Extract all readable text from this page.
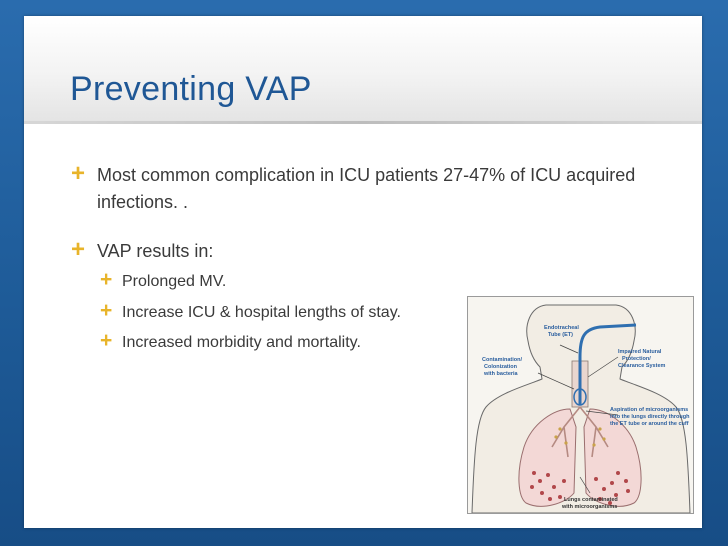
Preventing VAP
+ Most common complication in ICU patients 27-47% of ICU acquired infections. .
+ VAP results in:
+ Prolonged MV.
+ Increase ICU & hospital lengths of stay.
+ Increased morbidity and mortality.
Endotracheal
Tube (ET)
Contamination/
Colonization
with bacteria
Impaired Natural
Protection/
Clearance System
Aspiration of microorganisms
into the lungs directly through
the ET tube or around the cuff
Lungs contaminated
with microorganisms
